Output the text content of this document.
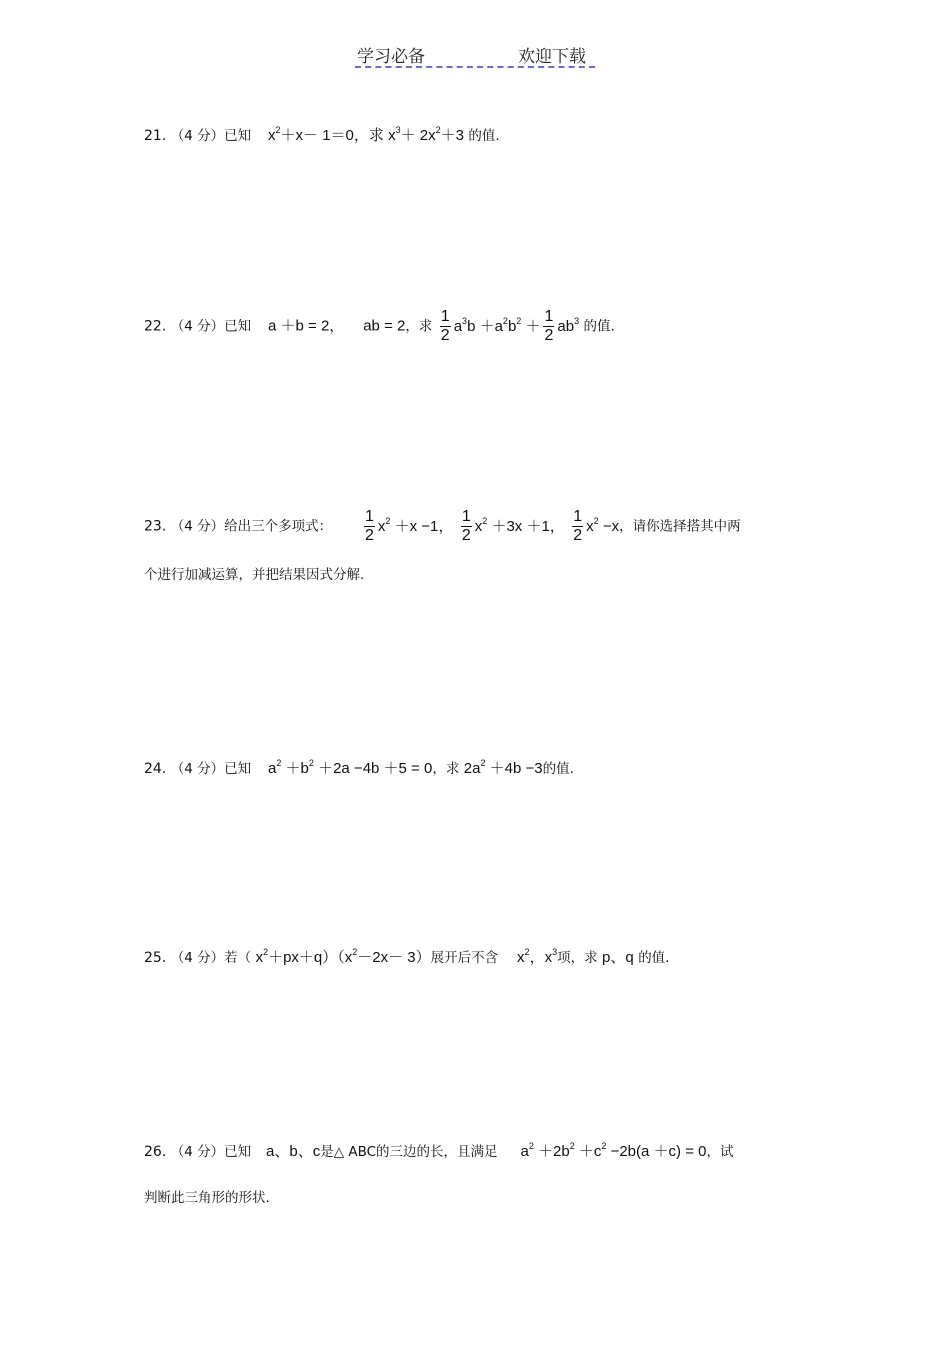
学习必备	欢迎下载
21. （4 分）已知 $x^2+x- 1=0$，求 $x^3+ 2x^2+3$ 的值.
22. （4 分）已知 a ＋b = 2， ab = 2，求 $\frac{1}{2} a^3b +a^2b^2 + \frac{1}{2} ab^3$ 的值.
23. （4 分）给出三个多项式： $\frac{1}{2} x^2 +x -1$， $\frac{1}{2} x^2 +3x +1$， $\frac{1}{2} x^2 -x$，请你选择搭其中两
个进行加减运算，并把结果因式分解.
24. （4 分）已知 $a^2 +b^2 +2a -4b +5 = 0$，求 $2a^2 +4b -3$的值.
25. （4 分）若（ $x^2+px+q)(x^2-2x- 3)$展开后不含 $x^2$，$x^3$项，求 p、q 的值.
26. （4 分）已知 a、b、c是△ ABC的三边的长，且满足 $a^2 +2b^2 +c^2 -2b(a +c) = 0$，试
判断此三角形的形状.
